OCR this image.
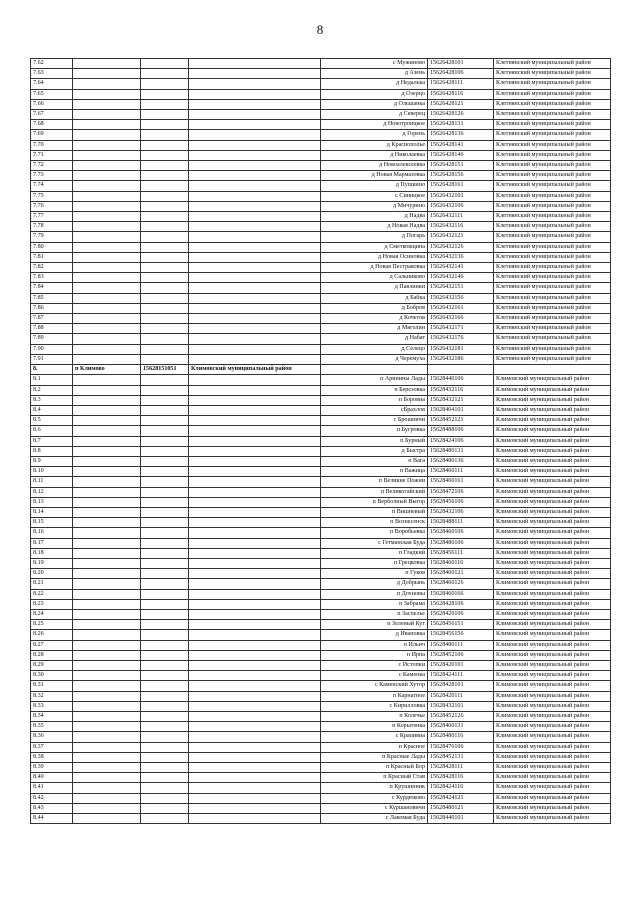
8
7.62				с Мужиново	15626428101	Клетнянский муниципальный район
7.63				д Азень	15626428106	Клетнянский муниципальный район
7.64				д Недалька	15626428111	Клетнянский муниципальный район
7.65				д Озерцо	15626428116	Клетнянский муниципальный район
7.66				д Ольшанка	15626428121	Клетнянский муниципальный район
7.67				д Северец	15626428126	Клетнянский муниципальный район
7.68				д Новотроицкое	15626428131	Клетнянский муниципальный район
7.69				д Горень	15626428136	Клетнянский муниципальный район
7.70				д Краснополье	15626428141	Клетнянский муниципальный район
7.71				д Николаевка	15626428146	Клетнянский муниципальный район
7.72				д Новоалексеевка	15626428151	Клетнянский муниципальный район
7.73				д Новая Мармазовка	15626428156	Клетнянский муниципальный район
7.74				д Пушкино	15626428161	Клетнянский муниципальный район
7.75				с Синицкое	15626432101	Клетнянский муниципальный район
7.76				д Мичурино	15626432106	Клетнянский муниципальный район
7.77				д Надва	15626432111	Клетнянский муниципальный район
7.78				д Новая Надва	15626432116	Клетнянский муниципальный район
7.79				д Погарь	15626432121	Клетнянский муниципальный район
7.80				д Сметковщина	15626432126	Клетнянский муниципальный район
7.81				д Новая Осиновка	15626432136	Клетнянский муниципальный район
7.82				д Новая Пестраковка	15626432141	Клетнянский муниципальный район
7.83				д Сальниково	15626432146	Клетнянский муниципальный район
7.84				д Павлинки	15626432151	Клетнянский муниципальный район
7.85				д Бабка	15626432156	Клетнянский муниципальный район
7.86				д Бобров	15626432161	Клетнянский муниципальный район
7.87				д Кочетов	15626432166	Клетнянский муниципальный район
7.88				д Мяголин	15626432171	Клетнянский муниципальный район
7.89				д Набат	15626432176	Клетнянский муниципальный район
7.90				д Селецо	15626432181	Клетнянский муниципальный район
7.91				д Черемуха	15626432186	Клетнянский муниципальный район
8.	п Климово	15628151051	Климовский муниципальный район			
8.1				п Аринины Лады	15628440106	Климовский муниципальный район
8.2				п Березовка	15628432116	Климовский муниципальный район
8.3				п Боровна	15628432121	Климовский муниципальный район
8.4				сБрахлов	15628404101	Климовский муниципальный район
8.5				с Брошничи	15628452121	Климовский муниципальный район
8.6				п Бугровка	15628488106	Климовский муниципальный район
8.7				п Бурный	15628424106	Климовский муниципальный район
8.8				д Быстра	15628480131	Климовский муниципальный район
8.9				п Вага	15628480136	Климовский муниципальный район
8.10				п Важица	15628460111	Климовский муниципальный район
8.11				п Великие Пожни	15628460161	Климовский муниципальный район
8.12				п Великогайский	15628472106	Климовский муниципальный район
8.13				п Верболный Выгор	15628456106	Климовский муниципальный район
8.14				п Вишневый	15628432106	Климовский муниципальный район
8.15				п Вознесенск	15628488111	Климовский муниципальный район
8.16				п Воробьевка	15628460106	Климовский муниципальный район
8.17				с Гетманская Буда	15628480106	Климовский муниципальный район
8.18				п Гладкий	15628456111	Климовский муниципальный район
8.19				п Грецковка	15628460116	Климовский муниципальный район
8.20				п Гуков	15628460121	Климовский муниципальный район
8.21				д Добрынь	15628460126	Климовский муниципальный район
8.22				п Дохновы	15628460166	Климовский муниципальный район
8.23				п Забрама	15628428106	Климовский муниципальный район
8.24				п Заспелье	15628420106	Климовский муниципальный район
8.25				п Зеленый Кут	15628456151	Климовский муниципальный район
8.26				д Ивановка	15628456156	Климовский муниципальный район
8.27				п Ильич	15628480111	Климовский муниципальный район
8.28				п Ирпа	15628452106	Климовский муниципальный район
8.29				с Истопки	15628420101	Климовский муниципальный район
8.30				с Каменка	15628424111	Климовский муниципальный район
8.31				с Каменский Хутор	15628428101	Климовский муниципальный район
8.32				п Карнатное	15628420111	Климовский муниципальный район
8.33				с Кирилловка	15628432101	Климовский муниципальный район
8.34				п Колечье	15628452126	Климовский муниципальный район
8.35				п Корытенка	15628460131	Климовский муниципальный район
8.36				с Крапивна	15628480116	Климовский муниципальный район
8.37				п Красное	15628476106	Климовский муниципальный район
8.38				п Красные Лады	15628452131	Климовский муниципальный район
8.39				п Красный Бор	15628428111	Климовский муниципальный район
8.40				п Красный Став	15628428116	Климовский муниципальный район
8.41				п Крушинник	15628424116	Климовский муниципальный район
8.42				с Курдюково	15628424121	Климовский муниципальный район
8.43				с Куршановичи	15628480121	Климовский муниципальный район
8.44				с Лакомая Буда	15628440101	Климовский муниципальный район
